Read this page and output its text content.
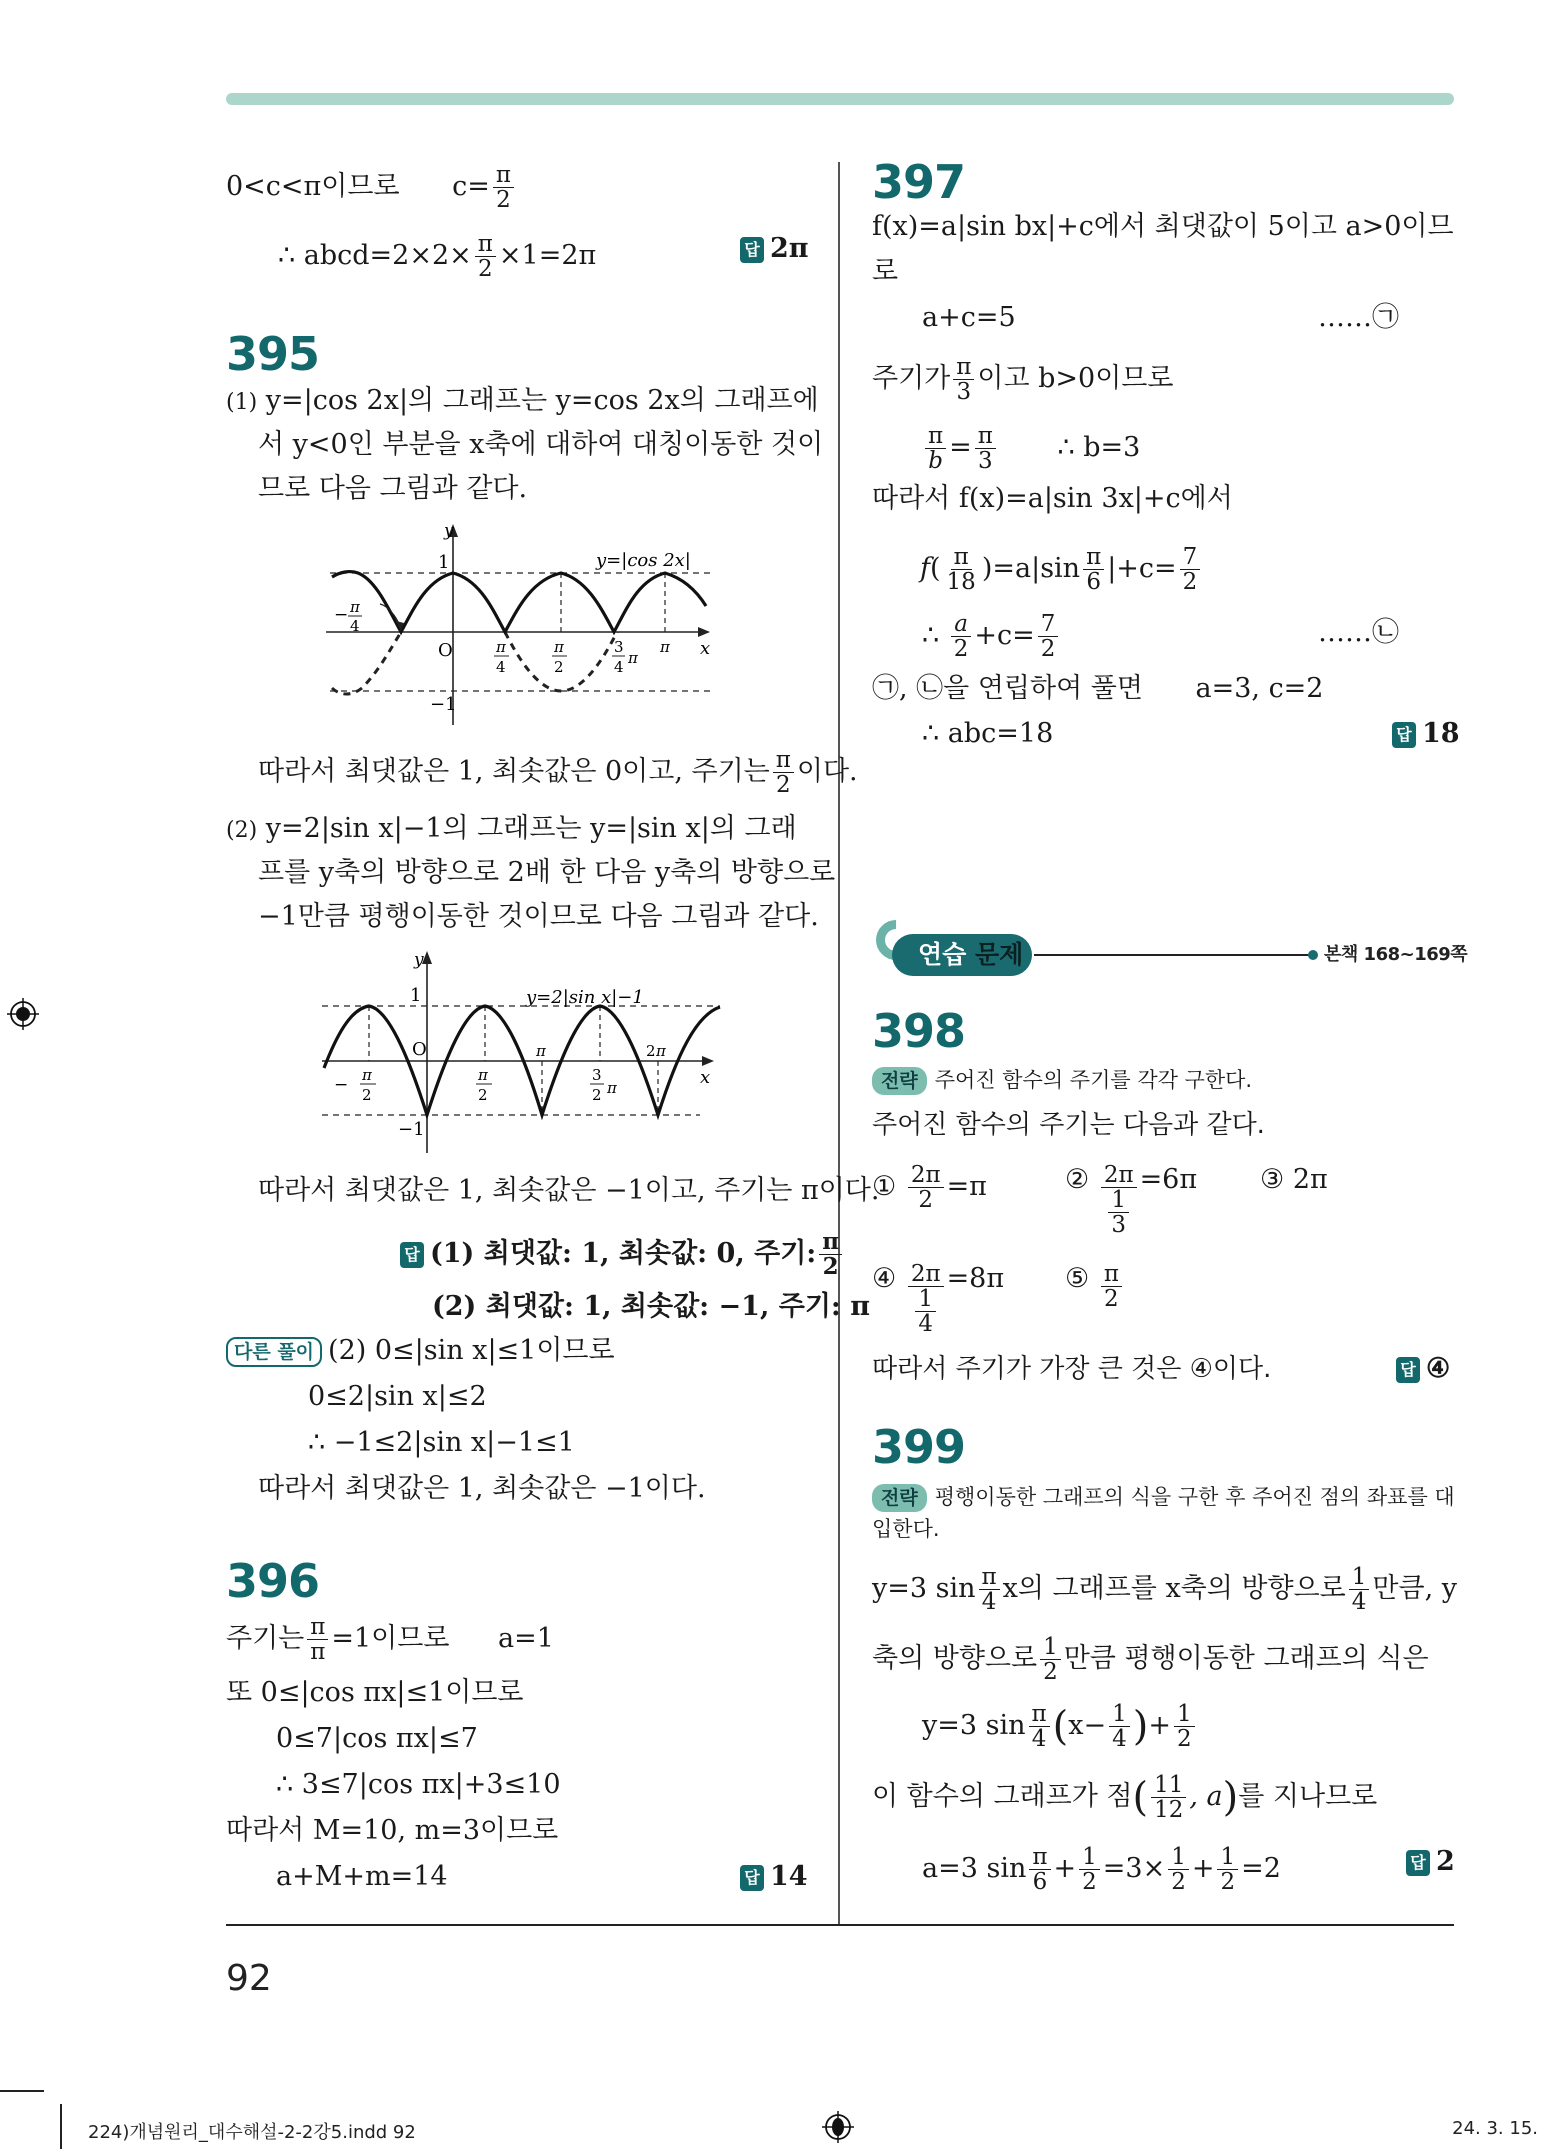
92
224)개념원리_대수해설-2-2강5.indd 92	24. 3. 15.
0<c<π이므로 $c= \frac{\pi}{2}$
∴ abcd=2×2× $\frac{\pi}{2} \times 1=2\pi$	답 2π
395
(1) y=|cos 2x|의 그래프는 y=cos 2x의 그래프에
서 y<0인 부분을 x축에 대하여 대칭이동한 것이
므로 다음 그림과 같다.
y
1	y=|cos 2x|
O
−1
x
− π
4
π
4
π
2
3
4 π
π
따라서 최댓값은 1, 최솟값은 0이고, 주기는 $\frac{\pi}{2}$ 이다.
(2) y=2|sin x|−1의 그래프는 y=|sin x|의 그래
프를 y축의 방향으로 2배 한 다음 y축의 방향으로
−1만큼 평행이동한 것이므로 다음 그림과 같다.
y
1	y=2|sin x|−1
O
−1
x
− π
2
π
2
π
3
2 π
2 π
따라서 최댓값은 1, 최솟값은 −1이고, 주기는 π이다.
답 (1) 최댓값: 1, 최솟값: 0, 주기: $\frac{\pi}{2}$
(2) 최댓값: 1, 최솟값: −1, 주기: π
다른 풀이 (2) 0≤|sin x|≤1이므로
0≤2|sin x|≤2
∴ −1≤2|sin x|−1≤1
따라서 최댓값은 1, 최솟값은 −1이다.
396
주기는 $\frac{\pi}{\pi} =1$이므로 a=1
또 0≤|cos πx|≤1이므로
0≤7|cos πx|≤7
∴ 3≤7|cos πx|+3≤10
따라서 M=10, m=3이므로
a+M+m=14	답 14
397
f(x)=a|sin bx|+c에서 최댓값이 5이고 a>0이므
로
a+c=5	……㉠
주기가 $\frac{\pi}{3}$ 이고 b>0이므로
$\frac{\pi}{b} = \frac{\pi}{3}$ ∴ b=3
따라서 f(x)=a|sin 3x|+c에서
$f( \frac{\pi}{18} )=a|\sin \frac{\pi}{6} |+c= \frac{7}{2}$
∴ $\frac{a}{2} +c= \frac{7}{2}$	……㉡
㉠, ㉡을 연립하여 풀면 a=3, c=2
∴ abc=18	답 18
연습 문제	본책 168~169쪽
398
전략 주어진 함수의 주기를 각각 구한다.
주어진 함수의 주기는 다음과 같다.
① $\frac{2\pi}{2} =\pi$	② $\frac{2\pi}{\frac{1}{3}} =6\pi$ ③ 2π
④ $\frac{2\pi}{\frac{1}{4}} =8\pi$ ⑤ $\frac{\pi}{2}$
따라서 주기가 가장 큰 것은 ④이다.	답 ④
399
전략 평행이동한 그래프의 식을 구한 후 주어진 점의 좌표를 대
입한다.
y=3 $\sin \frac{\pi}{4}$ x의 그래프를 x축의 방향으로 $\frac{1}{4}$ 만큼, y
축의 방향으로 $\frac{1}{2}$ 만큼 평행이동한 그래프의 식은
y=3 $\sin \frac{\pi}{4} (x- \frac{1}{4}$ )+ $\frac{1}{2}$
이 함수의 그래프가 점( $\frac{11}{12}$ , a)를 지나므로
a=3 $\sin \frac{\pi}{6} + \frac{1}{2} =3\times \frac{1}{2} + \frac{1}{2} =2$	답 2
